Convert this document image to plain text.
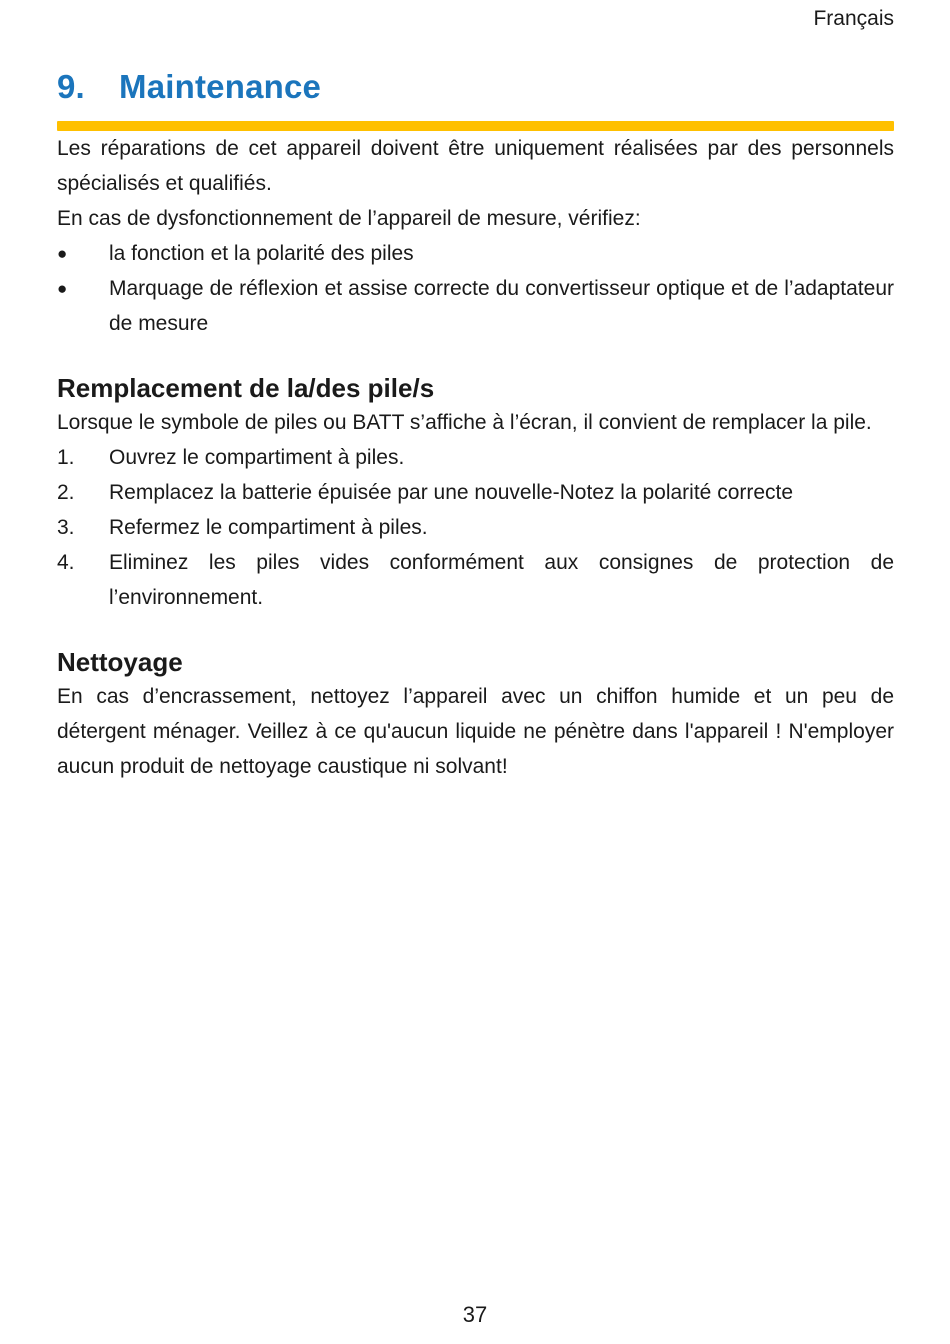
Français
9. Maintenance

Les réparations de cet appareil doivent être uniquement réalisées par des personnels spécialisés et qualifiés.

En cas de dysfonctionnement de l’appareil de mesure, vérifiez:

●	la fonction et la polarité des piles
●	Marquage de réflexion et assise correcte du convertisseur optique et de l’adaptateur de mesure
Remplacement de la/des pile/s

Lorsque le symbole de piles ou BATT s’affiche à l’écran, il convient de remplacer la pile.

1.	Ouvrez le compartiment à piles.
2.	Remplacez la batterie épuisée par une nouvelle-Notez la polarité correcte
3.	Refermez le compartiment à piles.
4.	Eliminez les piles vides conformément aux consignes de protection de l’environnement.
Nettoyage

En cas d’encrassement, nettoyez l’appareil avec un chiffon humide et un peu de détergent ménager. Veillez à ce qu'aucun liquide ne pénètre dans l'appareil ! N'employer aucun produit de nettoyage caustique ni solvant!

37
